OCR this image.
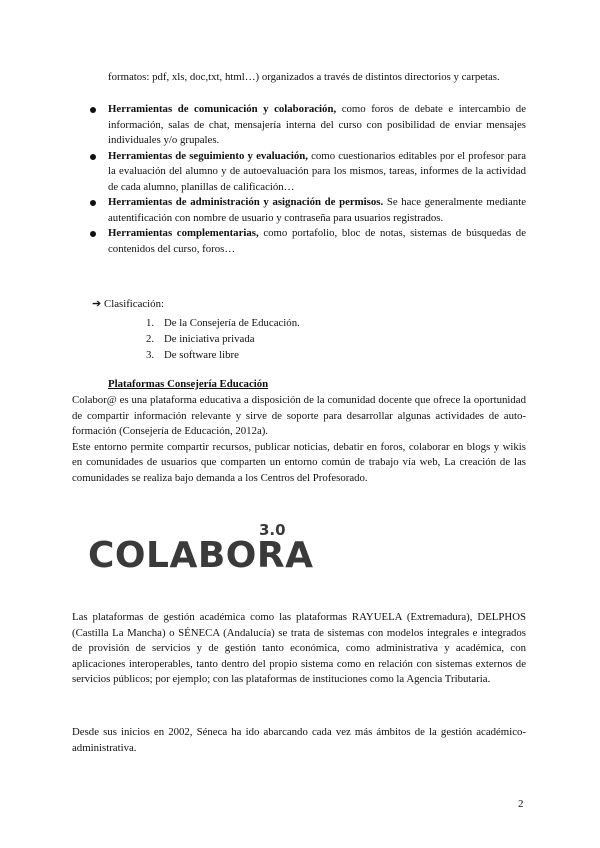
formatos: pdf, xls, doc,txt, html…) organizados a través de distintos directorios y carpetas.
Herramientas de comunicación y colaboración, como foros de debate e intercambio de información, salas de chat, mensajería interna del curso con posibilidad de enviar mensajes individuales y/o grupales.
Herramientas de seguimiento y evaluación, como cuestionarios editables por el profesor para la evaluación del alumno y de autoevaluación para los mismos, tareas, informes de la actividad de cada alumno, planillas de calificación…
Herramientas de administración y asignación de permisos. Se hace generalmente mediante autentificación con nombre de usuario y contraseña para usuarios registrados.
Herramientas complementarias, como portafolio, bloc de notas, sistemas de búsquedas de contenidos del curso, foros…
➔ Clasificación:
1. De la Consejería de Educación.
2. De iniciativa privada
3. De software libre
Plataformas Consejería Educación
Colabor@ es una plataforma educativa a disposición de la comunidad docente que ofrece la oportunidad de compartir información relevante y sirve de soporte para desarrollar algunas actividades de auto-formación (Consejería de Educación, 2012a).
Este entorno permite compartir recursos, publicar noticias, debatir en foros, colaborar en blogs y wikis en comunidades de usuarios que comparten un entorno común de trabajo vía web, La creación de las comunidades se realiza bajo demanda a los Centros del Profesorado.
COLABORA
3.0
Las plataformas de gestión académica como las plataformas RAYUELA (Extremadura), DELPHOS (Castilla La Mancha) o SÉNECA (Andalucía) se trata de sistemas con modelos integrales e integrados de provisión de servicios y de gestión tanto económica, como administrativa y académica, con aplicaciones interoperables, tanto dentro del propio sistema como en relación con sistemas externos de servicios públicos; por ejemplo; con las plataformas de instituciones como la Agencia Tributaria.
Desde sus inicios en 2002, Séneca ha ido abarcando cada vez más ámbitos de la gestión académico-administrativa.
2
